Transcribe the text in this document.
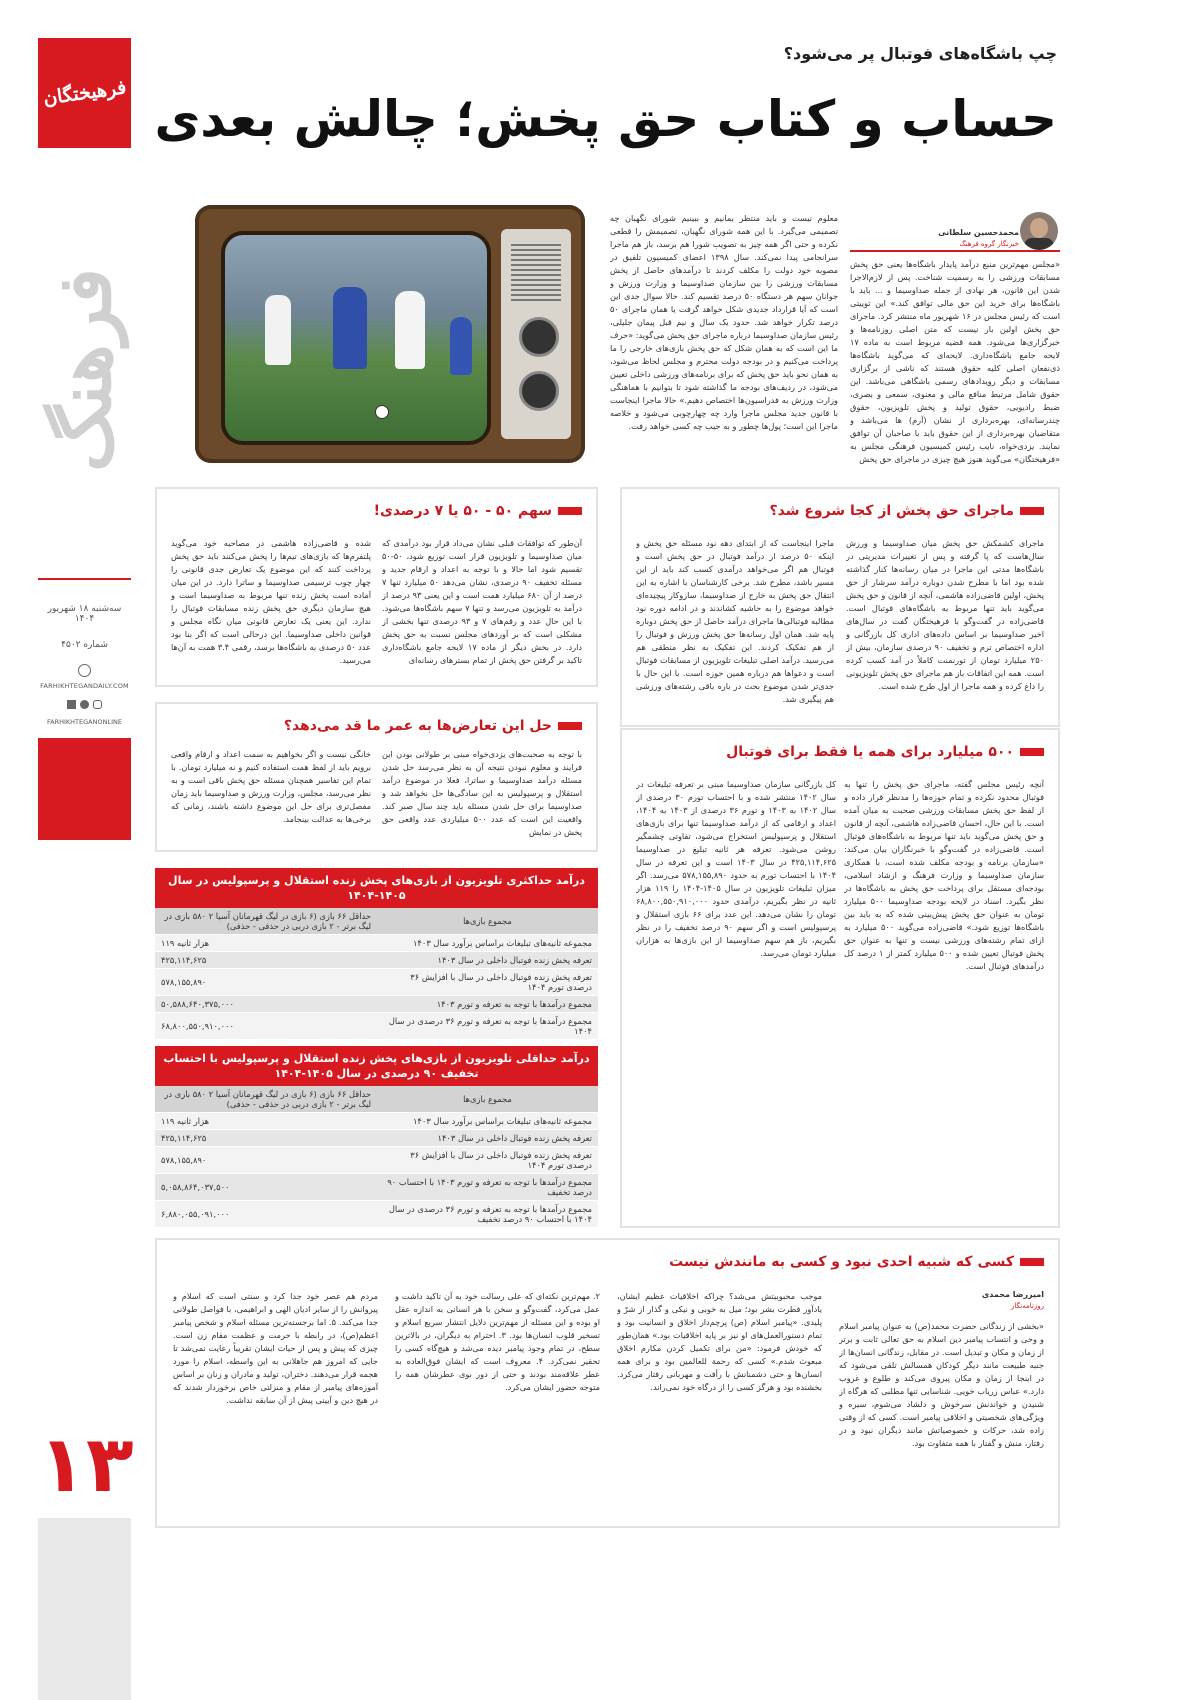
فرهیختگان
چپ باشگاه‌های فوتبال پر می‌شود؟
حساب و کتاب حق پخش؛ چالش بعدی
فرهنگ
سه‌شنبه ۱۸ شهریور ۱۴۰۴
شماره ۴۵۰۲
FARHIKHTEGANDAILY.COM
FARHIKHTEGANONLINE
۱۳
محمدحسین سلطانی
خبرنگار گروه فرهنگ
«مجلس مهم‌ترین منبع درآمد پایدار باشگاه‌ها یعنی حق پخش مسابقات ورزشی را به رسمیت شناخت. پس از لازم‌الاجرا شدن این قانون، هر نهادی از جمله صداوسیما و ... باید با باشگاه‌ها برای خرید این حق مالی توافق کند.» این توییتی است که رئیس مجلس در ۱۶ شهریور ماه منتشر کرد. ماجرای حق پخش اولین بار نیست که متن اصلی روزنامه‌ها و خبرگزاری‌ها می‌شود. همه قضیه مربوط است به ماده ۱۷ لایحه جامع باشگاه‌داری. لایحه‌ای که می‌گوید باشگاه‌ها ذی‌نفعان اصلی کلیه حقوق هستند که ناشی از برگزاری مسابقات و دیگر رویدادهای رسمی باشگاهی می‌باشد. این حقوق شامل مرتبط منافع مالی و معنوی، سمعی و بصری، ضبط رادیویی، حقوق تولید و پخش تلویزیون، حقوق چندرسانه‌ای، بهره‌برداری از نشان (آرم) ها می‌باشد و متقاضیان بهره‌برداری از این حقوق باید با صاحبان آن توافق نمایند. یزدی‌خواه، نایب رئیس کمیسیون فرهنگی مجلس به «فرهیختگان» می‌گوید هنوز هیچ چیزی در ماجرای حق پخش
معلوم نیست و باید منتظر بمانیم و ببینیم شورای نگهبان چه تصمیمی می‌گیرد. با این همه شورای نگهبان، تصمیمش را قطعی نکرده و حتی اگر همه چیز به تصویب شورا هم برسد، باز هم ماجرا سرانجامی پیدا نمی‌کند. سال ۱۳۹۸ اعضای کمیسیون تلفیق در مصوبه خود دولت را مکلف کردند تا درآمدهای حاصل از پخش مسابقات ورزشی را بین سازمان صداوسیما و وزارت ورزش و جوانان سهم هر دستگاه ۵۰ درصد تقسیم کند. حالا سوال جدی این است که آیا قرارداد جدیدی شکل خواهد گرفت یا همان ماجرای ۵۰ درصد تکرار خواهد شد. حدود یک سال و نیم قبل پیمان جلیلی، رئیس سازمان صداوسیما درباره ماجرای حق پخش می‌گوید: «حرف ما این است که به همان شکل که حق پخش بازی‌های خارجی را ما پرداخت می‌کنیم و در بودجه دولت محترم و مجلس لحاظ می‌شود، به همان نحو باید حق پخش که برای برنامه‌های ورزشی داخلی تعیین می‌شود، در ردیف‌های بودجه ما گذاشته شود تا بتوانیم با هماهنگی وزارت ورزش به فدراسیون‌ها اختصاص دهیم.» حالا ماجرا اینجاست با قانون جدید مجلس ماجرا وارد چه چهارچوبی می‌شود و خلاصه ماجرا این است؛ پول‌ها چطور و به جیب چه کسی خواهد رفت.
ماجرای حق پخش از کجا شروع شد؟
ماجرای کشمکش حق پخش میان صداوسیما و ورزش سال‌هاست که پا گرفته و پس از تغییرات مدیریتی در باشگاه‌ها مدتی این ماجرا در میان رسانه‌ها کنار گذاشته شده بود اما با مطرح شدن دوباره درآمد سرشار از حق پخش، اولین قاضی‌زاده هاشمی، آنچه از قانون و حق پخش می‌گوید باید تنها مربوط به باشگاه‌های فوتبال است. قاضی‌زاده در گفت‌وگو با فرهیختگان گفت در سال‌های اخیر صداوسیما بر اساس داده‌های اداری کل بازرگانی و اداره اختصاص ترم و تخفیف ۹۰ درصدی سازمان، بیش از ۲۵۰ میلیارد تومان از تورنمنت کاملاً در آمد کسب کرده است. همه این اتفاقات باز هم ماجرای حق پخش تلویزیونی را داغ کرده و همه ماجرا از اول طرح شده است.
ماجرا اینجاست که از ابتدای دهه نود مسئله حق پخش و اینکه ۵۰ درصد از درآمد فوتبال در حق پخش است و فوتبال هم اگر می‌خواهد درآمدی کسب کند باید از این مسیر باشد، مطرح شد. برخی کارشناسان با اشاره به این انتقال حق پخش به خارج از صداوسیما، سازوکار پیچیده‌ای خواهد موضوع را به حاشیه کشاندند و در ادامه دوره نود مطالبه فوتبالی‌ها ماجرای درآمد حاصل از حق پخش دوباره پایه شد. همان اول رسانه‌ها حق پخش ورزش و فوتبال را از هم تفکیک کردند. این تفکیک به نظر منطقی هم می‌رسید. درآمد اصلی تبلیغات تلویزیون از مسابقات فوتبال است و دعواها هم درباره همین حوزه است. با این حال با جدی‌تر شدن موضوع بحث در باره باقی رشته‌های ورزشی هم پیگیری شد.
سهم ۵۰ - ۵۰ یا ۷ درصدی!
آن‌طور که توافقات قبلی نشان می‌داد قرار بود درآمدی که میان صداوسیما و تلویزیون قرار است توزیع شود، ۵۰-۵۰ تقسیم شود اما حالا و با توجه به اعداد و ارقام جدید و مسئله تخفیف ۹۰ درصدی، نشان می‌دهد ۵۰ میلیارد تنها ۷ درصد از آن ۶۸۰ میلیارد همت است و این یعنی ۹۳ درصد از درآمد به تلویزیون می‌رسد و تنها ۷ سهم باشگاه‌ها می‌شود. با این حال عدد و رقم‌های ۷ و ۹۳ درصدی تنها بخشی از مشکلی است که بر آوردهای مجلس نسبت به حق پخش دارد. در بخش دیگر از ماده ۱۷ لایحه جامع باشگاه‌داری تاکید بر گرفتن حق پخش از تمام بسترهای رسانه‌ای
شده و قاضی‌زاده هاشمی در مصاحبه خود می‌گوید پلتفرم‌ها که بازی‌های تیم‌ها را پخش می‌کنند باید حق پخش پرداخت کنند که این موضوع یک تعارض جدی قانونی را چهار چوب ترسیمی صداوسیما و ساترا دارد. در این میان آماده است پخش زنده تنها مربوط به صداوسیما است و هیچ سازمان دیگری حق پخش زنده مسابقات فوتبال را ندارد. این یعنی یک تعارض قانونی میان نگاه مجلس و قوانین داخلی صداوسیما. این درحالی است که اگر بنا بود عدد ۵۰ درصدی به باشگاه‌ها برسد، رقمی ۳.۴ همت به آن‌ها می‌رسید.
حل این تعارض‌ها به عمر ما قد می‌دهد؟
با توجه به صحبت‌های یزدی‌خواه مبنی بر طولانی بودن این فرایند و معلوم نبودن نتیجه آن به نظر می‌رسد حل شدن مسئله درآمد صداوسیما و ساترا، فعلا در موضوع درآمد استقلال و پرسپولیس به این سادگی‌ها حل نخواهد شد و صداوسیما برای حل شدن مسئله باید چند سال صبر کند. واقعیت این است که عدد ۵۰۰ میلیاردی عدد واقعی حق پخش در نمایش
خانگی نیست و اگر بخواهیم به سمت اعداد و ارقام واقعی برویم باید از لفظ همت استفاده کنیم و نه میلیارد تومان. با تمام این تفاسیر همچنان مسئله حق پخش باقی است و به نظر می‌رسد، مجلس، وزارت ورزش و صداوسیما باید زمان مفصل‌تری برای حل این موضوع داشته باشند، زمانی که برخی‌ها به عدالت بینجامد.
درآمد حداکثری تلویزیون از بازی‌های پخش زنده استقلال و پرسپولیس در سال ۱۴۰۵-۱۴۰۴
مجموع بازی‌ها	حداقل ۶۶ بازی (۶ بازی در لیگ قهرمانان آسیا ۲ ۵۸۰ بازی در لیگ برتر - ۲ بازی دربی در حذفی - حذفی)
مجموعه ثانیه‌های تبلیغات براساس برآورد سال ۱۴۰۳	۱۱۹ هزار ثانیه
تعرفه پخش زنده فوتبال داخلی در سال ۱۴۰۳	۴۲۵,۱۱۴,۶۲۵
تعرفه پخش زنده فوتبال داخلی در سال با افزایش ۳۶ درصدی تورم ۱۴۰۴	۵۷۸,۱۵۵,۸۹۰
مجموع درآمدها با توجه به تعرفه و تورم ۱۴۰۳	۵۰,۵۸۸,۶۴۰,۳۷۵,۰۰۰
مجموع درآمدها با توجه به تعرفه و تورم ۳۶ درصدی در سال ۱۴۰۴	۶۸,۸۰۰,۵۵۰,۹۱۰,۰۰۰
درآمد حداقلی تلویزیون از بازی‌های پخش زنده استقلال و پرسپولیس با احتساب تخفیف ۹۰ درصدی در سال ۱۴۰۵-۱۴۰۴
مجموع بازی‌ها	حداقل ۶۶ بازی (۶ بازی در لیگ قهرمانان آسیا ۲ ۵۸۰ بازی در لیگ برتر - ۲ بازی دربی در حذفی - حذفی)
مجموعه ثانیه‌های تبلیغات براساس برآورد سال ۱۴۰۳	۱۱۹ هزار ثانیه
تعرفه پخش زنده فوتبال داخلی در سال ۱۴۰۳	۴۲۵,۱۱۴,۶۲۵
تعرفه پخش زنده فوتبال داخلی در سال با افزایش ۳۶ درصدی تورم ۱۴۰۴	۵۷۸,۱۵۵,۸۹۰
مجموع درآمدها با توجه به تعرفه و تورم ۱۴۰۳ با احتساب ۹۰ درصد تخفیف	۵,۰۵۸,۸۶۴,۰۳۷,۵۰۰
مجموع درآمدها با توجه به تعرفه و تورم ۳۶ درصدی در سال ۱۴۰۴ با احتساب ۹۰ درصد تخفیف	۶,۸۸۰,۰۵۵,۰۹۱,۰۰۰
۵۰۰ میلیارد برای همه یا فقط برای فوتبال
آنچه رئیس مجلس گفته، ماجرای حق پخش را تنها به فوتبال محدود نکرده و تمام حوزه‌ها را مدنظر قرار داده و از لفظ حق پخش مسابقات ورزشی صحبت به میان آمده است. با این حال، احسان قاضی‌زاده هاشمی، آنچه از قانون و حق پخش می‌گوید باید تنها مربوط به باشگاه‌های فوتبال است. قاضی‌زاده در گفت‌وگو با خبرنگاران بیان می‌کند: «سازمان برنامه و بودجه مکلف شده است، با همکاری سازمان صداوسیما و وزارت فرهنگ و ارشاد اسلامی، بودجه‌ای مستقل برای پرداخت حق پخش به باشگاه‌ها در نظر بگیرد. اسناد در لایحه بودجه صداوسیما ۵۰۰ میلیارد تومان به عنوان حق پخش پیش‌بینی شده که به باید بین باشگاه‌ها توزیع شود.» قاضی‌زاده می‌گوید ۵۰۰ میلیارد به ازای تمام رشته‌های ورزشی نیست و تنها به‌ عنوان حق پخش فوتبال تعیین شده و ۵۰۰ میلیارد کمتر از ۱ درصد کل درآمدهای فوتبال است.
کل بازرگانی سازمان صداوسیما مبنی بر تعرفه تبلیغات در سال ۱۴۰۲ منتشر شده و با احتساب تورم ۳۰ درصدی از سال ۱۴۰۲ به ۱۴۰۳ و تورم ۳۶ درصدی از ۱۴۰۳ به ۱۴۰۴، اعداد و ارقامی که از درآمد صداوسیما تنها برای بازی‌های استقلال و پرسپولیس استخراج می‌شود، تفاوتی چشمگیر روشن می‌شود. تعرفه هر ثانیه تبلیغ در صداوسیما ۴۲۵,۱۱۴,۶۲۵ در سال ۱۴۰۳ است و این تعرفه در سال ۱۴۰۴ با احتساب تورم به حدود ۵۷۸,۱۵۵,۸۹۰ می‌رسد. اگر میزان تبلیغات تلویزیون در سال ۱۴۰۵-۱۴۰۴ را ۱۱۹ هزار ثانیه در نظر بگیریم، درآمدی حدود ۶۸,۸۰۰,۵۵۰,۹۱۰,۰۰۰ تومان را نشان می‌دهد. این عدد برای ۶۶ بازی استقلال و پرسپولیس است و اگر سهم ۹۰ درصد تخفیف را در نظر بگیریم، باز هم سهم صداوسیما از این بازی‌ها به هزاران میلیارد تومان می‌رسد.
کسی که شبیه احدی نبود و کسی به مانندش نیست
امیررضا محمدی
روزنامه‌نگار
«بخشی از زندگانی حضرت محمد(ص) به عنوان پیامبر اسلام و وحی و انتساب پیامبر دین اسلام به حق تعالی ثابت و برتر از زمان و مکان و تبدیل است. در مقابل، زندگانی انسان‌ها از جنبه طبیعت مانند دیگر کودکان همسالش تلقی می‌شود که در اینجا از زمان و مکان پیروی می‌کند و طلوع و غروب دارد.» عباس زریاب خویی. شناسایی تنها مطلبی که هرگاه از شنیدن و خواندنش سرخوش و دلشاد می‌شوم، سیره و ویژگی‌های شخصیتی و اخلاقی پیامبر است. کسی که از وقتی زاده شد، حرکات و خصوصیاتش مانند دیگران نبود و در رفتار، منش و گفتار با همه متفاوت بود.
موجب محبوبیتش می‌شد؟ چراکه اخلاقیات عظیم ایشان، یادآور فطرت بشر بود؛ میل به خوبی و نیکی و گذار از شرّ و پلیدی. «پیامبر اسلام (ص) پرچم‌دار اخلاق و انسانیت بود و تمام دستورالعمل‌های او نیز بر پایه اخلاقیات بود.» همان‌طور که خودش فرمود: «من برای تکمیل کردن مکارم اخلاق مبعوث شدم.» کسی که رحمة للعالمین بود و برای همه انسان‌ها و حتی دشمنانش با رأفت و مهربانی رفتار می‌کرد. بخشنده بود و هرگز کسی را از درگاه خود نمی‌راند.
۲. مهم‌ترین نکته‌ای که علی رسالت خود به آن تاکید داشت و عمل می‌کرد، گفت‌وگو و سخن با هر انسانی به اندازه عقل او بوده و این مسئله از مهم‌ترین دلایل انتشار سریع اسلام و تسخیر قلوب انسان‌ها بود. ۳. احترام به دیگران، در بالاترین سطح، در تمام وجود پیامبر دیده می‌شد و هیچ‌گاه کسی را تحقیر نمی‌کرد. ۴. معروف است که ایشان فوق‌العاده به عطر علاقه‌مند بودند و حتی از دور بوی عطرشان همه را متوجه حضور ایشان می‌کرد.
مردم هم عصر خود جدا کرد و سنتی است که اسلام و پیروانش را از سایر ادیان الهی و ابراهیمی، با فواصل طولانی جدا می‌کند. ۵. اما برجسته‌ترین مسئله اسلام و شخص پیامبر اعظم(ص)، در رابطه با حرمت و عظمت مقام زن است. چیزی که پیش و پس از حیات ایشان تقریباً رعایت نمی‌شد تا جایی که امروز هم جاهلانی به این واسطه، اسلام را مورد هجمه قرار می‌دهند. دختران، تولید و مادران و زنان بر اساس آموزه‌های پیامبر از مقام و منزلتی خاص برخوردار شدند که در هیچ دین و آیینی پیش از آن سابقه نداشت.
